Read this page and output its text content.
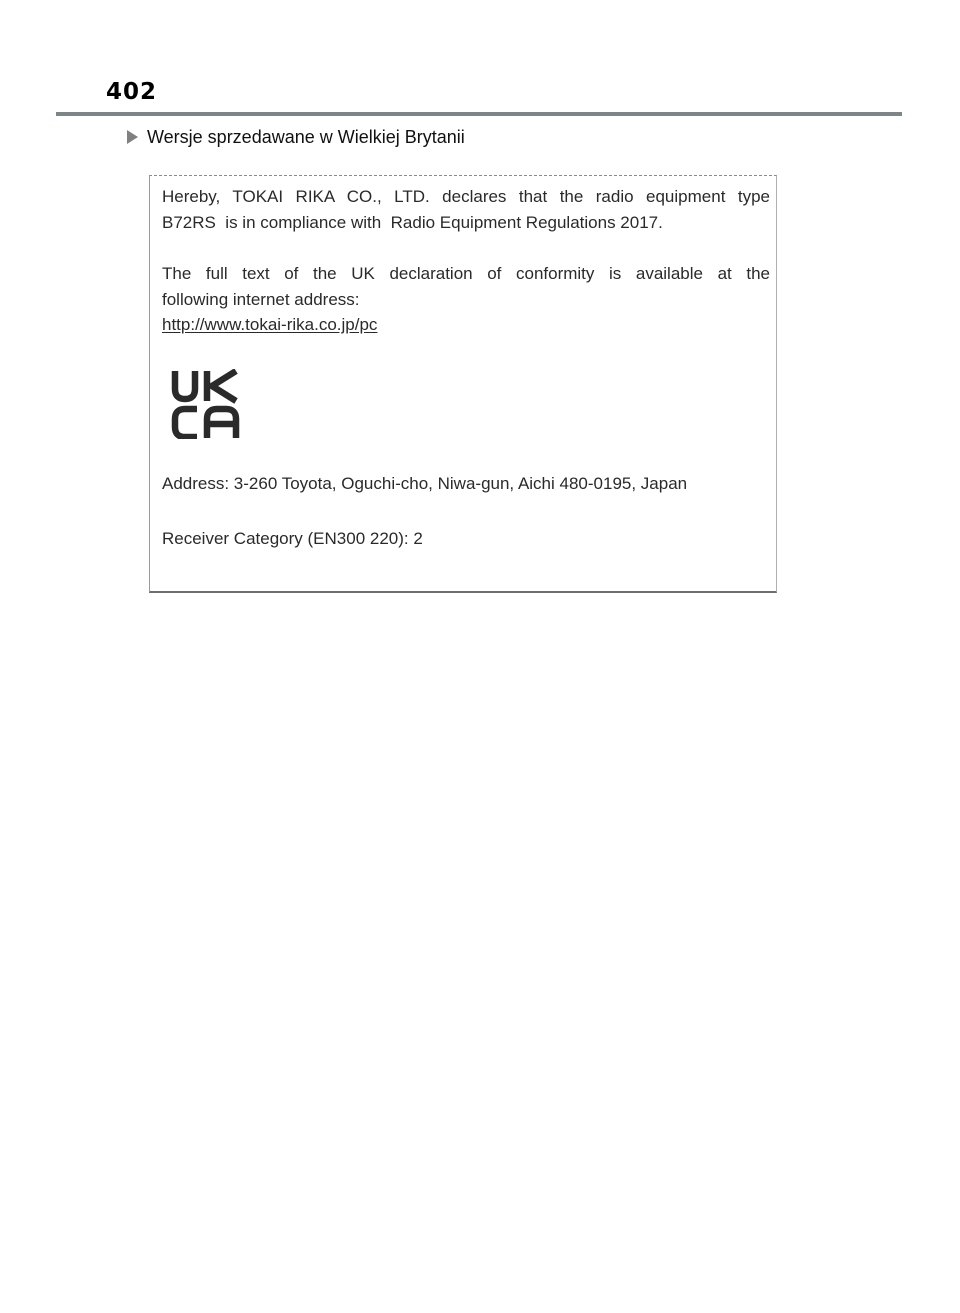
402
Wersje sprzedawane w Wielkiej Brytanii
Hereby, TOKAI RIKA CO., LTD. declares that the radio equipment type
B72RS  is in compliance with  Radio Equipment Regulations 2017.
The full text of the UK declaration of conformity is available at the
following internet address:
http://www.tokai-rika.co.jp/pc
Address: 3-260 Toyota, Oguchi-cho, Niwa-gun, Aichi 480-0195, Japan
Receiver Category (EN300 220): 2
